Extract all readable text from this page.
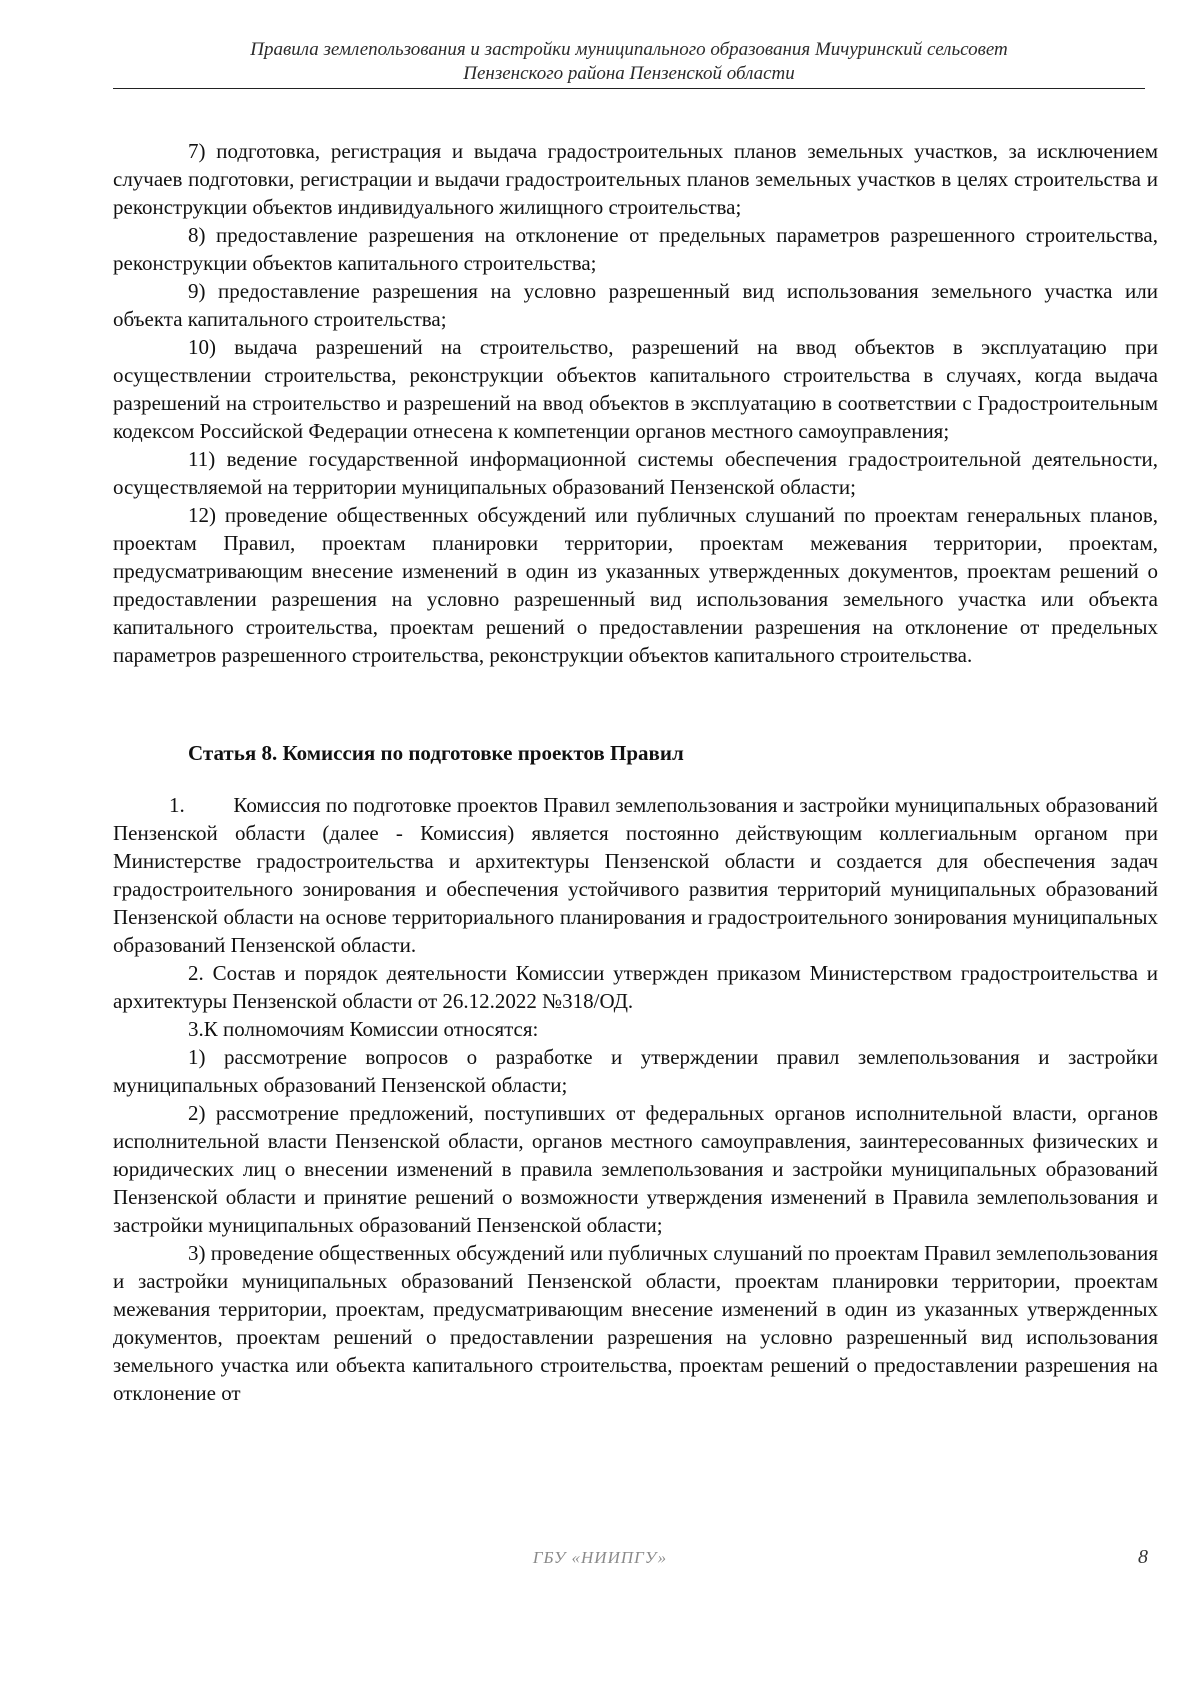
Правила землепользования и застройки муниципального образования Мичуринский сельсовет
Пензенского района Пензенской области

7) подготовка, регистрация и выдача градостроительных планов земельных участков, за исключением случаев подготовки, регистрации и выдачи градостроительных планов земельных участков в целях строительства и реконструкции объектов индивидуального жилищного строительства;

8) предоставление разрешения на отклонение от предельных параметров разрешенного строительства, реконструкции объектов капитального строительства;

9) предоставление разрешения на условно разрешенный вид использования земельного участка или объекта капитального строительства;

10) выдача разрешений на строительство, разрешений на ввод объектов в эксплуатацию при осуществлении строительства, реконструкции объектов капитального строительства в случаях, когда выдача разрешений на строительство и разрешений на ввод объектов в эксплуатацию в соответствии с Градостроительным кодексом Российской Федерации отнесена к компетенции органов местного самоуправления;

11) ведение государственной информационной системы обеспечения градостроительной деятельности, осуществляемой на территории муниципальных образований Пензенской области;

12) проведение общественных обсуждений или публичных слушаний по проектам генеральных планов, проектам Правил, проектам планировки территории, проектам межевания территории, проектам, предусматривающим внесение изменений в один из указанных утвержденных документов, проектам решений о предоставлении разрешения на условно разрешенный вид использования земельного участка или объекта капитального строительства, проектам решений о предоставлении разрешения на отклонение от предельных параметров разрешенного строительства, реконструкции объектов капитального строительства.

Статья 8. Комиссия по подготовке проектов Правил

1.         Комиссия по подготовке проектов Правил землепользования и застройки муниципальных образований Пензенской области (далее - Комиссия) является постоянно действующим коллегиальным органом при Министерстве градостроительства и архитектуры Пензенской области и создается для обеспечения задач градостроительного зонирования и обеспечения устойчивого развития территорий муниципальных образований Пензенской области на основе территориального планирования и градостроительного зонирования муниципальных образований Пензенской области.

2. Состав и порядок деятельности Комиссии утвержден приказом Министерством градостроительства и архитектуры Пензенской области от 26.12.2022 №318/ОД.

3.К полномочиям Комиссии относятся:

1) рассмотрение вопросов о разработке и утверждении правил землепользования и застройки муниципальных образований Пензенской области;

2) рассмотрение предложений, поступивших от федеральных органов исполнительной власти, органов исполнительной власти Пензенской области, органов местного самоуправления, заинтересованных физических и юридических лиц о внесении изменений в правила землепользования и застройки муниципальных образований Пензенской области и принятие решений о возможности утверждения изменений в Правила землепользования и застройки муниципальных образований Пензенской области;

3) проведение общественных обсуждений или публичных слушаний по проектам Правил землепользования и застройки муниципальных образований Пензенской области, проектам планировки территории, проектам межевания территории, проектам, предусматривающим внесение изменений в один из указанных утвержденных документов, проектам решений о предоставлении разрешения на условно разрешенный вид использования земельного участка или объекта капитального строительства, проектам решений о предоставлении разрешения на отклонение от

ГБУ «НИИПГУ»	8
